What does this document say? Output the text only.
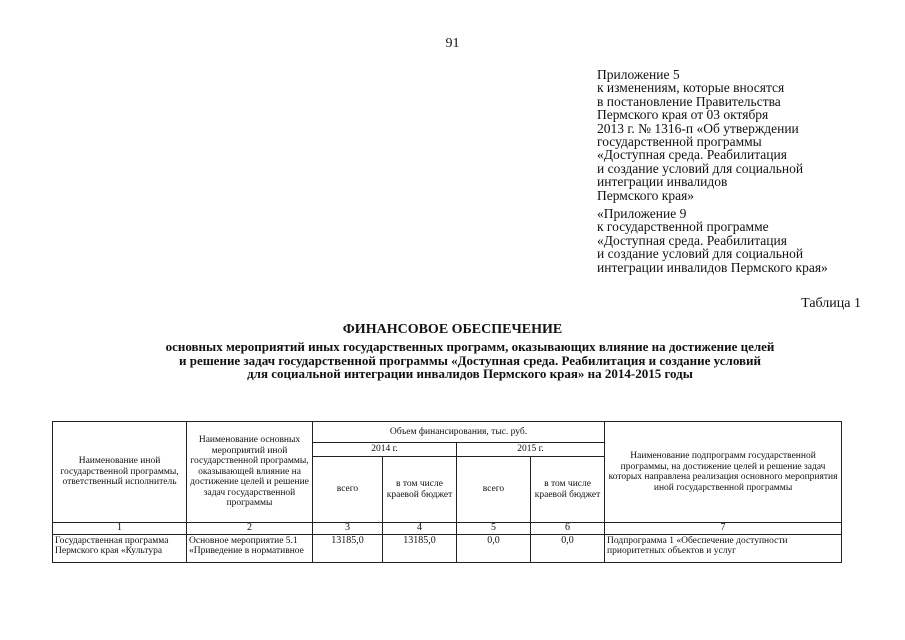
91
Приложение 5
к изменениям, которые вносятся
в постановление Правительства
Пермского края от 03 октября
2013 г. № 1316-п «Об утверждении
государственной программы
«Доступная среда. Реабилитация
и создание условий для социальной
интеграции инвалидов
Пермского края»
«Приложение 9
к государственной программе
«Доступная среда. Реабилитация
и создание условий для социальной
интеграции инвалидов Пермского края»
Таблица 1
ФИНАНСОВОЕ ОБЕСПЕЧЕНИЕ
основных мероприятий иных государственных программ, оказывающих влияние на достижение целей
и решение задач государственной программы «Доступная среда. Реабилитация и создание условий
для социальной интеграции инвалидов Пермского края» на 2014-2015 годы
Наименование иной государственной программы, ответственный исполнитель	Наименование основных мероприятий иной государственной программы, оказывающей влияние на достижение целей и решение задач государственной программы	Объем финансирования, тыс. руб.				Наименование подпрограмм государственной программы, на достижение целей и решение задач которых направлена реализация основного мероприятия иной государственной программы
		2014 г.		2015 г.		
		всего	в том числе краевой бюджет	всего	в том числе краевой бюджет	
1	2	3	4	5	6	7

Государственная программа Пермского края «Культура	Основное мероприятие 5.1 «Приведение в нормативное	13185,0	13185,0	0,0	0,0	Подпрограмма 1 «Обеспечение доступности приоритетных объектов и услуг
